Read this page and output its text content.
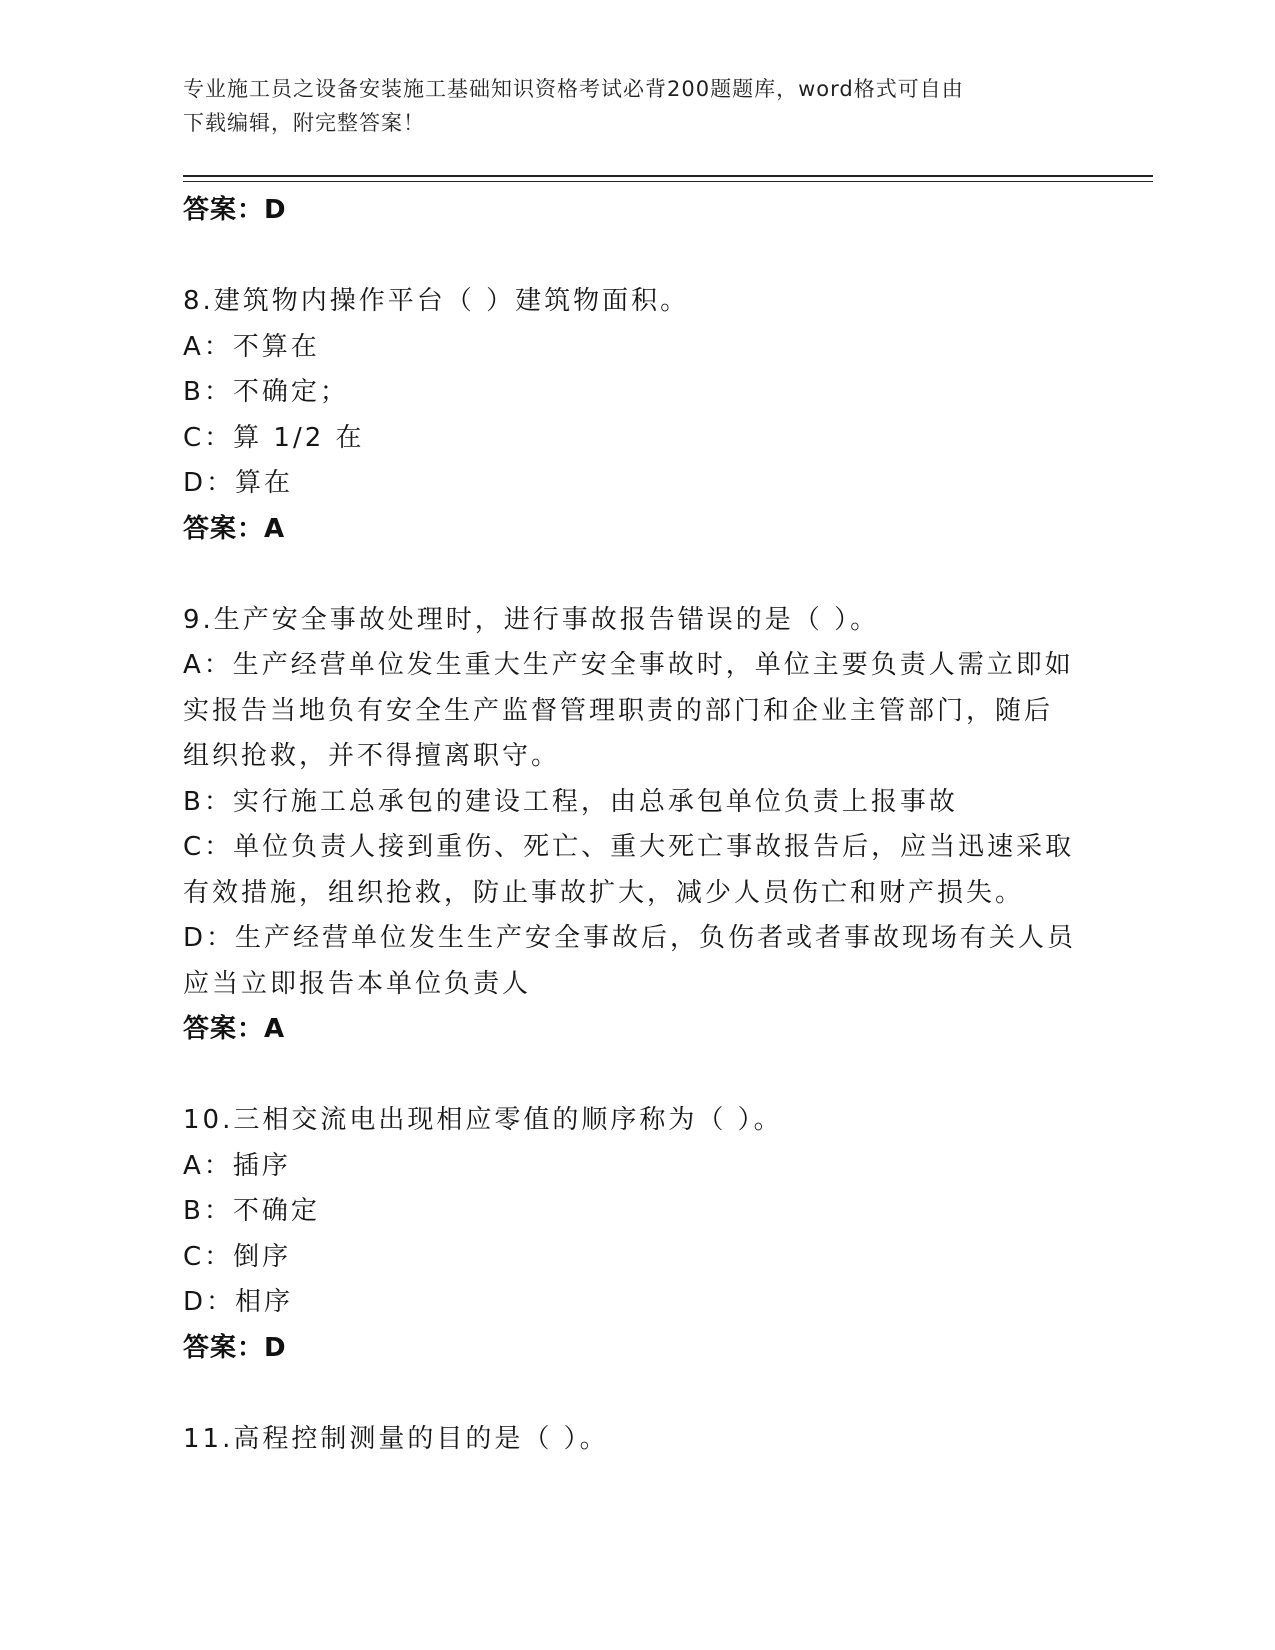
专业施工员之设备安装施工基础知识资格考试必背200题题库，word格式可自由
下载编辑，附完整答案！
答案：D
8.建筑物内操作平台（ ）建筑物面积。
A：不算在
B：不确定；
C：算 1/2 在
D：算在
答案：A
9.生产安全事故处理时，进行事故报告错误的是（ ）。
A：生产经营单位发生重大生产安全事故时，单位主要负责人需立即如
实报告当地负有安全生产监督管理职责的部门和企业主管部门，随后
组织抢救，并不得擅离职守。
B：实行施工总承包的建设工程，由总承包单位负责上报事故
C：单位负责人接到重伤、死亡、重大死亡事故报告后，应当迅速采取
有效措施，组织抢救，防止事故扩大，减少人员伤亡和财产损失。
D：生产经营单位发生生产安全事故后，负伤者或者事故现场有关人员
应当立即报告本单位负责人
答案：A
10.三相交流电出现相应零值的顺序称为（ ）。
A：插序
B：不确定
C：倒序
D：相序
答案：D
11.高程控制测量的目的是（ ）。
